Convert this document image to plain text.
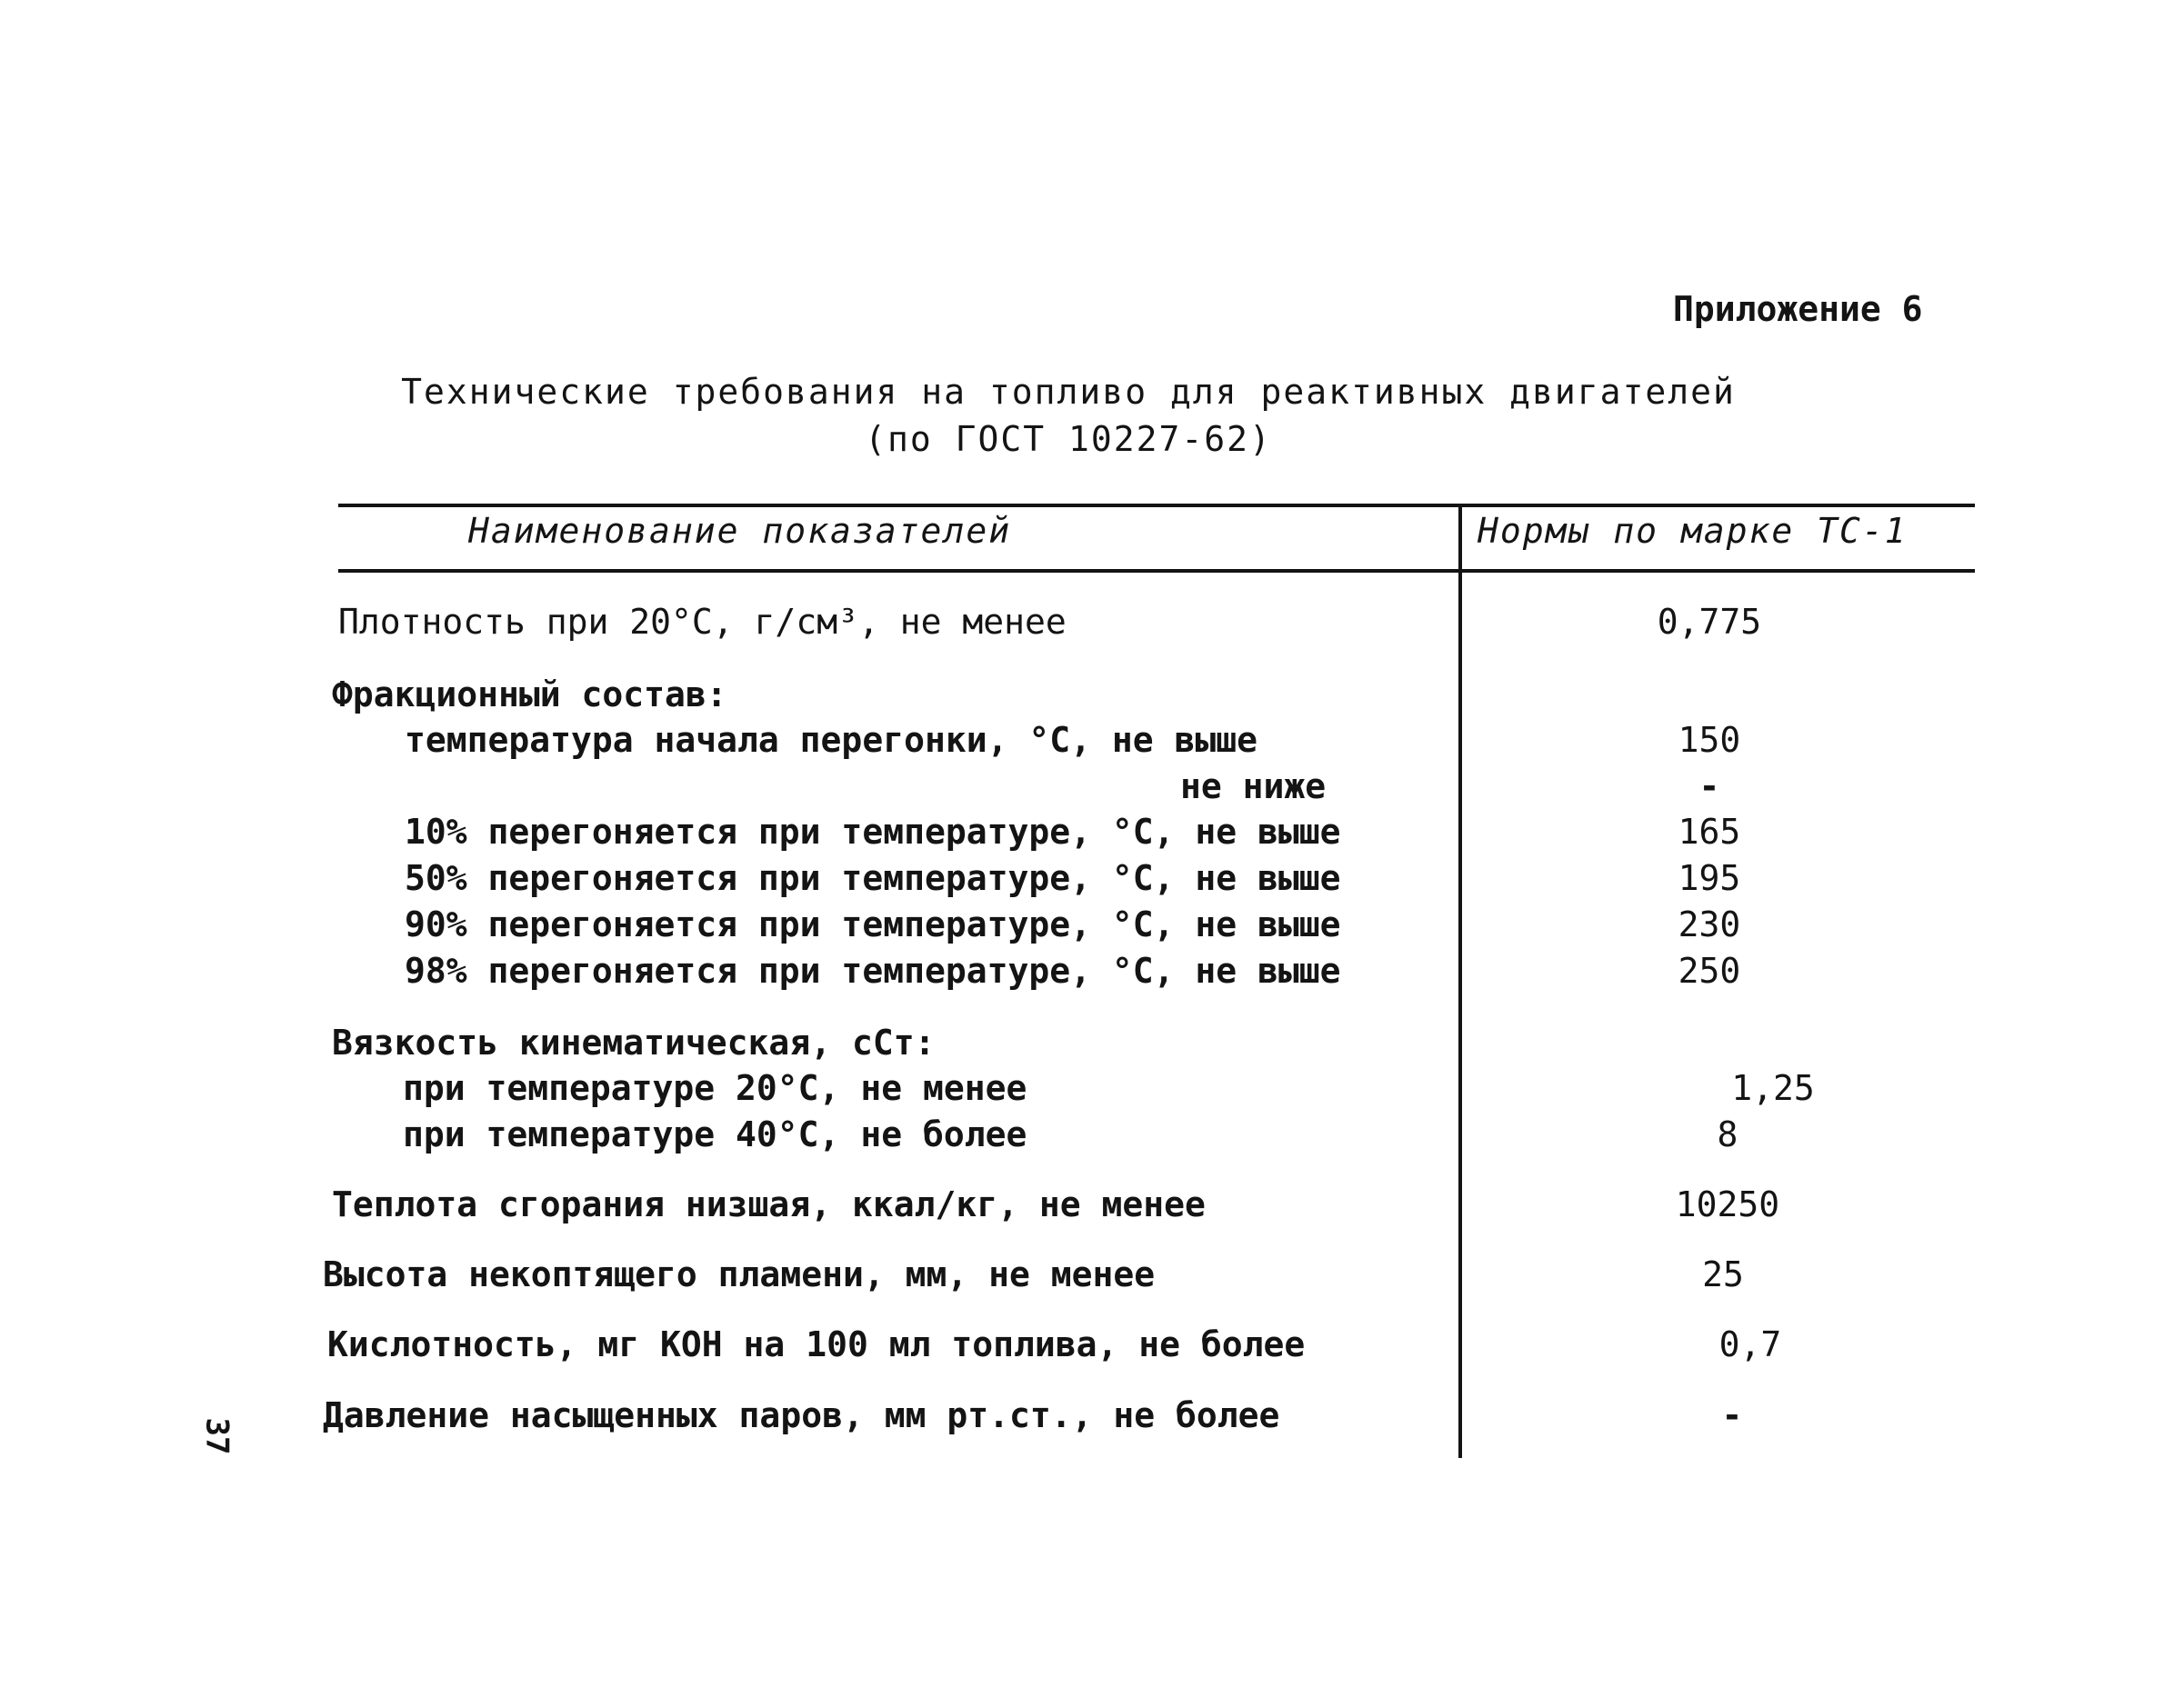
Приложение 6
Технические требования на топливо для реактивных двигателей
(по ГОСТ 10227-62)
Наименование показателей	Нормы по марке ТС-1
Плотность при 20°С, г/см³, не менее
Фракционный состав:
температура начала перегонки, °С, не выше
не ниже
10% перегоняется при температуре, °С, не выше
50% перегоняется при температуре, °С, не выше
90% перегоняется при температуре, °С, не выше
98% перегоняется при температуре, °С, не выше
Вязкость кинематическая, сСт:
при температуре 20°С, не менее
при температуре 40°С, не более
Теплота сгорания низшая, ккал/кг, не менее
Высота некоптящего пламени, мм, не менее
Кислотность, мг КОН на 100 мл топлива, не более
Давление насыщенных паров, мм рт.ст., не более
0,775
150
-
165
195
230
250
1,25
8
10250
25
0,7
-
37
